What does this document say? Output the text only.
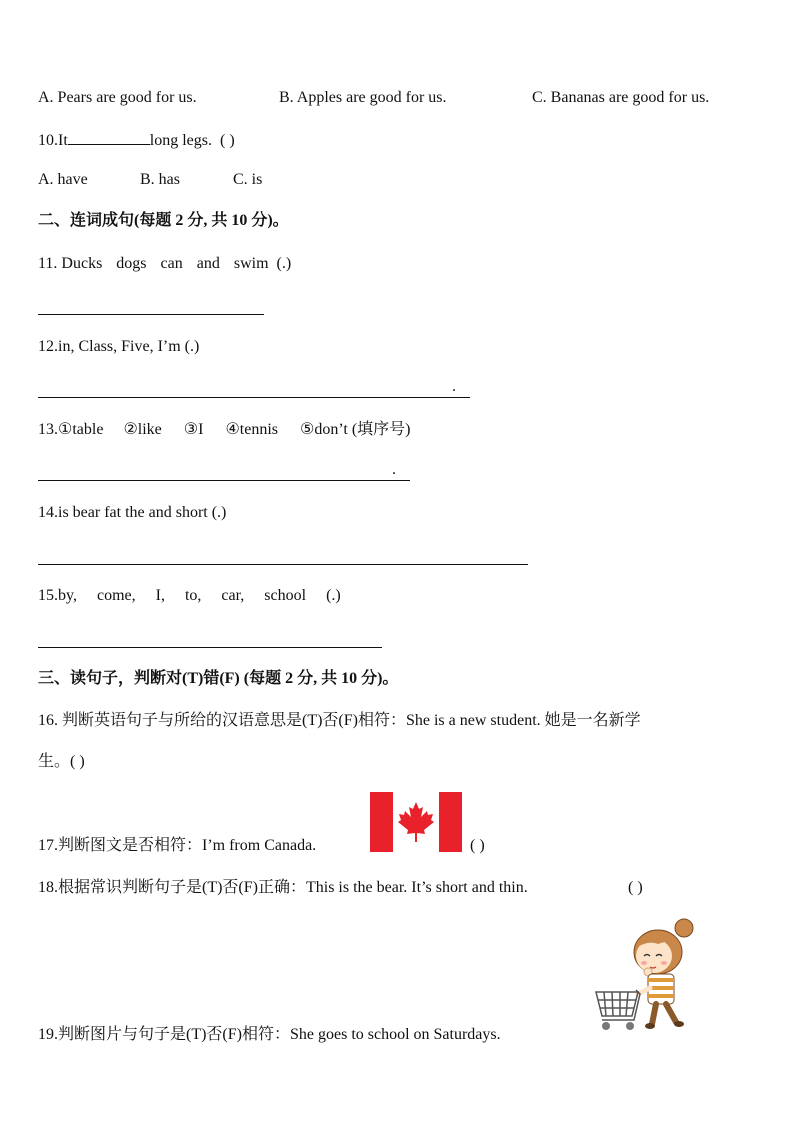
A. Pears are good for us.	B. Apples are good for us.	C. Bananas are good for us.
10.It	long legs. ( )
A. have	B. has	C. is
二、连词成句(每题 2 分, 共 10 分)。
11. Ducks dogs can and swim (.)
12.in, Class, Five, I’m (.)
.
13.①table ②like ③I ④tennis ⑤don’t (填序号)
.
14.is bear fat the and short (.)
15.by, come, I, to, car, school (.)
三、读句子，判断对(T)错(F) (每题 2 分, 共 10 分)。
16. 判断英语句子与所给的汉语意思是(T)否(F)相符：She is a new student. 她是一名新学
生。( )
17.判断图文是否相符：I’m from Canada.	( )
18.根据常识判断句子是(T)否(F)正确：This is the bear. It’s short and thin.	( )
19.判断图片与句子是(T)否(F)相符：She goes to school on Saturdays.
